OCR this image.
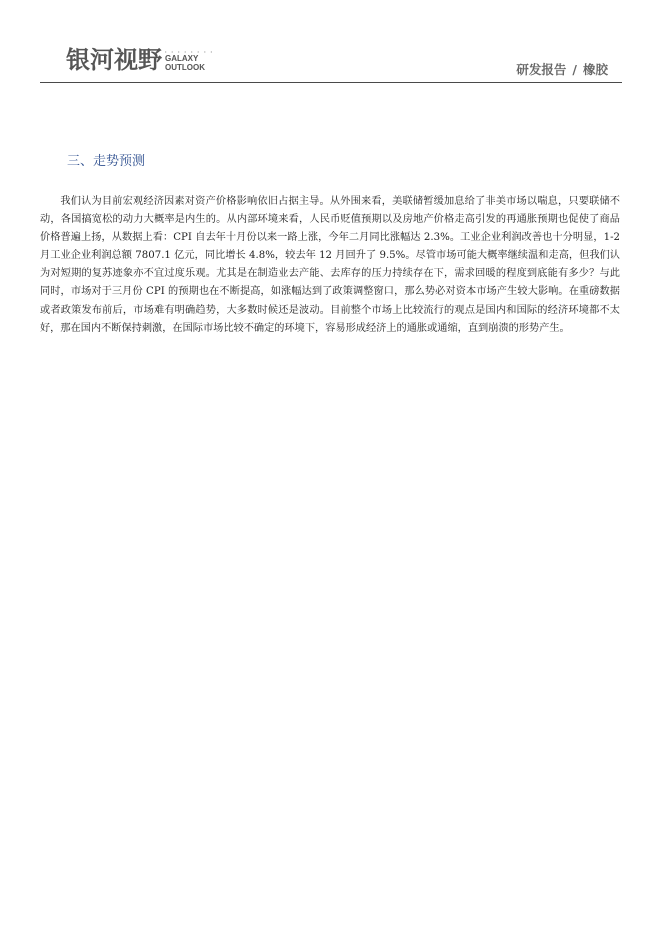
银河视野 • • • • • • • •
GALAXY
OUTLOOK	研发报告 / 橡胶
三、走势预测

我们认为目前宏观经济因素对资产价格影响依旧占据主导。从外围来看，美联储暂缓加息给了非美市场以喘息，只要联储不动，各国搞宽松的动力大概率是内生的。从内部环境来看，人民币贬值预期以及房地产价格走高引发的再通胀预期也促使了商品价格普遍上扬，从数据上看：CPI 自去年十月份以来一路上涨，今年二月同比涨幅达 2.3%。工业企业利润改善也十分明显，1-2 月工业企业利润总额 7807.1 亿元，同比增长 4.8%，较去年 12 月回升了 9.5%。尽管市场可能大概率继续温和走高，但我们认为对短期的复苏迹象亦不宜过度乐观。尤其是在制造业去产能、去库存的压力持续存在下，需求回暖的程度到底能有多少？与此同时，市场对于三月份 CPI 的预期也在不断提高，如涨幅达到了政策调整窗口，那么势必对资本市场产生较大影响。在重磅数据或者政策发布前后，市场难有明确趋势，大多数时候还是波动。目前整个市场上比较流行的观点是国内和国际的经济环境都不太好，那在国内不断保持刺激，在国际市场比较不确定的环境下，容易形成经济上的通胀或通缩，直到崩溃的形势产生。
